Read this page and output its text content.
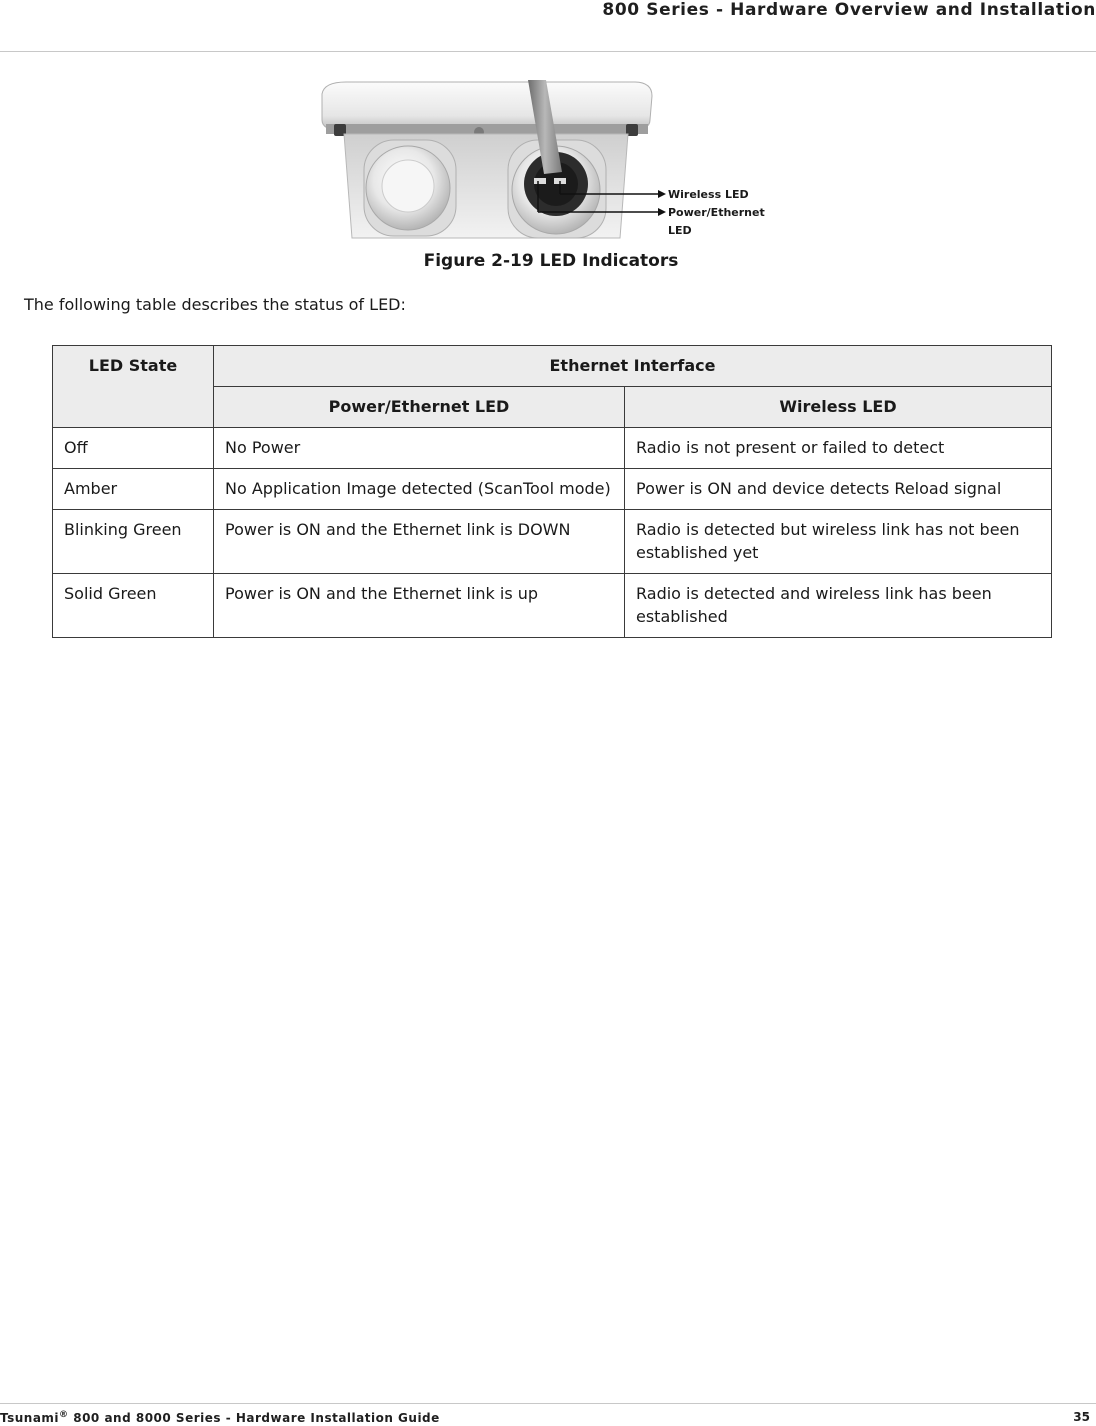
800 Series - Hardware Overview and Installation
Wireless LED
Power/Ethernet
LED
Figure 2-19 LED Indicators
The following table describes the status of LED:
LED State	Ethernet Interface	
	Power/Ethernet LED	Wireless LED
Off	No Power	Radio is not present or failed to detect
Amber	No Application Image detected (ScanTool mode)	Power is ON and device detects Reload signal
Blinking Green	Power is ON and the Ethernet link is DOWN	Radio is detected but wireless link has not been established yet
Solid Green	Power is ON and the Ethernet link is up	Radio is detected and wireless link has been established
Tsunami® 800 and 8000 Series - Hardware Installation Guide	35
